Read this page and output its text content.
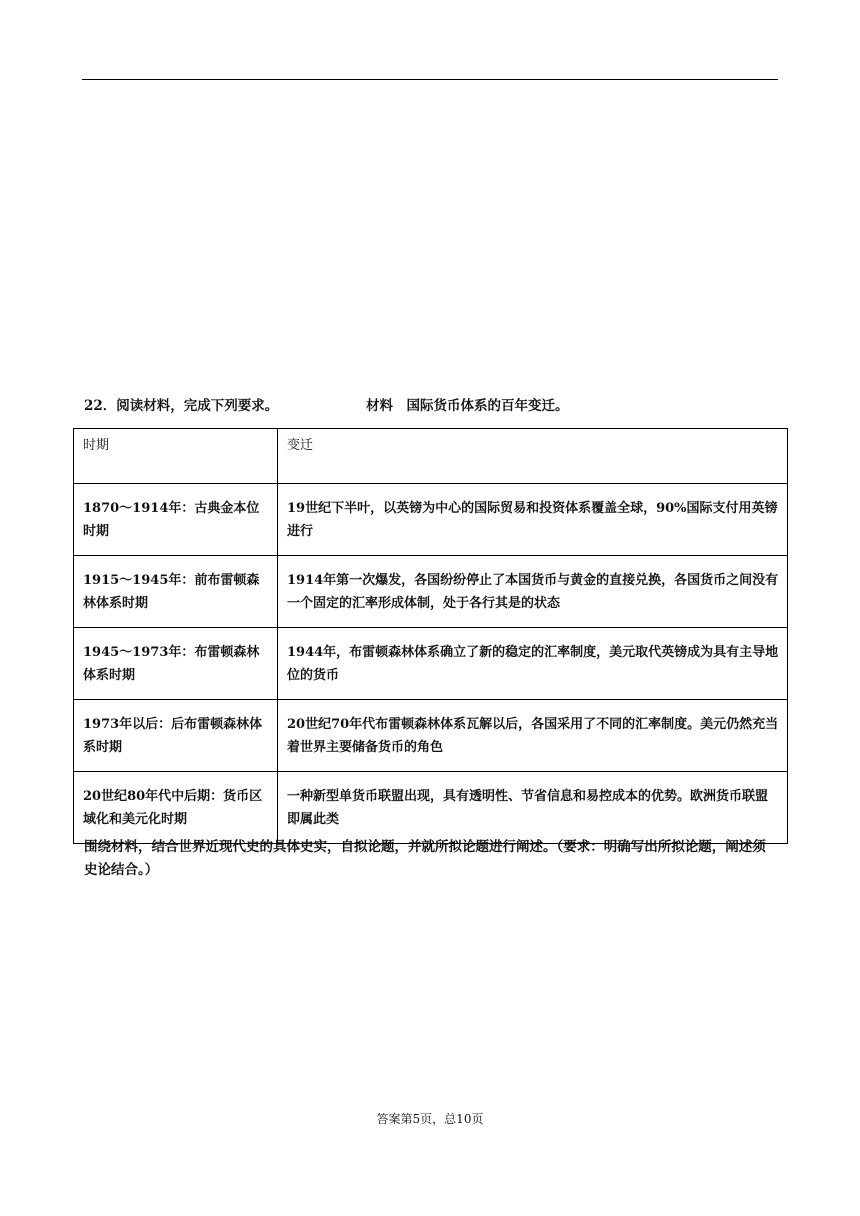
22．阅读材料，完成下列要求。	材料　国际货币体系的百年变迁。
时期	变迁
1870～1914年：古典金本位时期	19世纪下半叶，以英镑为中心的国际贸易和投资体系覆盖全球，90%国际支付用英镑进行
1915～1945年：前布雷顿森林体系时期	1914年第一次爆发，各国纷纷停止了本国货币与黄金的直接兑换，各国货币之间没有一个固定的汇率形成体制，处于各行其是的状态
1945～1973年：布雷顿森林体系时期	1944年，布雷顿森林体系确立了新的稳定的汇率制度，美元取代英镑成为具有主导地位的货币
1973年以后：后布雷顿森林体系时期	20世纪70年代布雷顿森林体系瓦解以后，各国采用了不同的汇率制度。美元仍然充当着世界主要储备货币的角色
20世纪80年代中后期：货币区域化和美元化时期	一种新型单货币联盟出现，具有透明性、节省信息和易控成本的优势。欧洲货币联盟即属此类
围绕材料，结合世界近现代史的具体史实，自拟论题，并就所拟论题进行阐述。（要求：明确写出所拟论题，阐述须史论结合。）
答案第5页，总10页
